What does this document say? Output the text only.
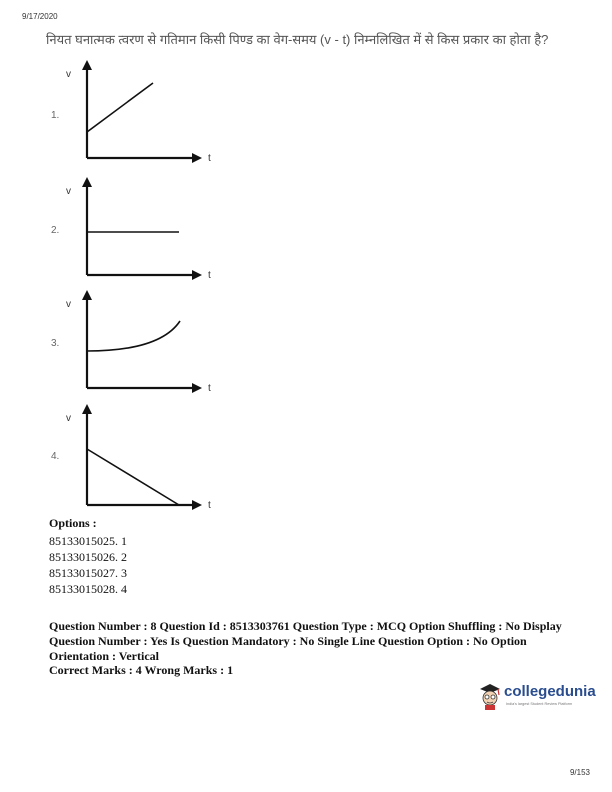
9/17/2020
नियत घनात्मक त्वरण से गतिमान किसी पिण्ड का वेग-समय (v - t) निम्नलिखित में से किस प्रकार का होता है?
1.
v
t
2.
v
t
3.
v
t
4.
v
t
Options :
85133015025. 1
85133015026. 2
85133015027. 3
85133015028. 4
Question Number : 8 Question Id : 8513303761 Question Type : MCQ Option Shuffling : No Display
Question Number : Yes Is Question Mandatory : No Single Line Question Option : No Option
Orientation : Vertical
Correct Marks : 4 Wrong Marks : 1
collegedunia
India's largest Student Review Platform
9/153
